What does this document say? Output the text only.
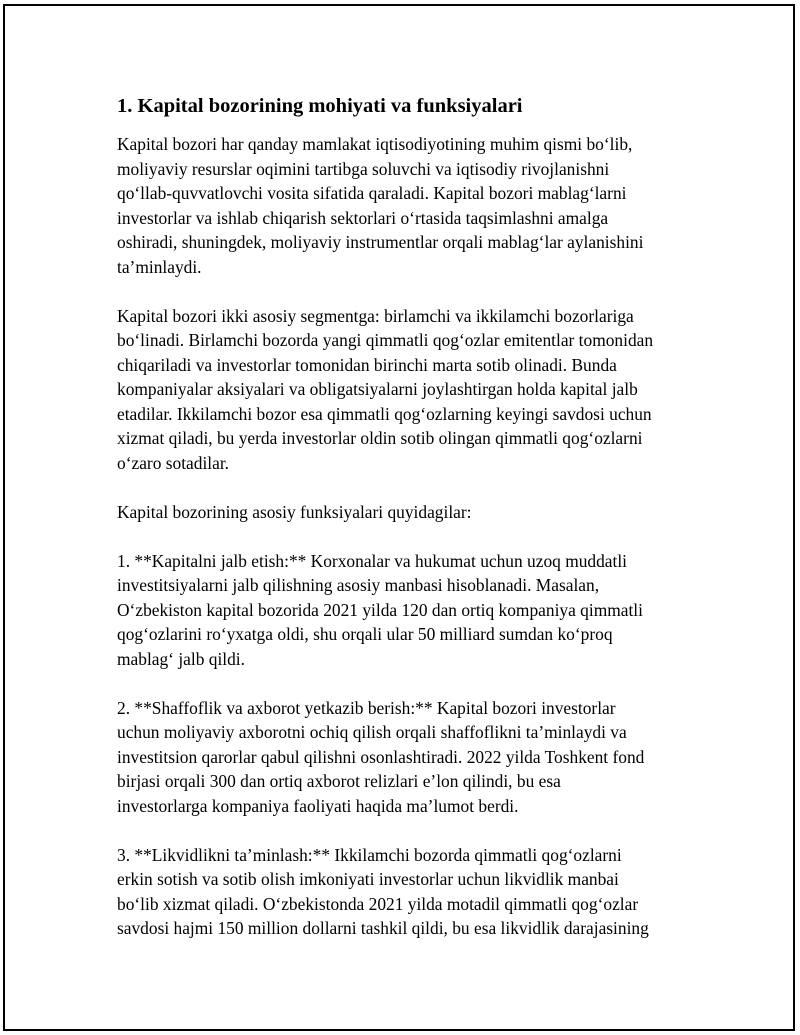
1. Kapital bozorining mohiyati va funksiyalari

Kapital bozori har qanday mamlakat iqtisodiyotining muhim qismi bo‘lib,
moliyaviy resurslar oqimini tartibga soluvchi va iqtisodiy rivojlanishni
qo‘llab-quvvatlovchi vosita sifatida qaraladi. Kapital bozori mablag‘larni
investorlar va ishlab chiqarish sektorlari o‘rtasida taqsimlashni amalga
oshiradi, shuningdek, moliyaviy instrumentlar orqali mablag‘lar aylanishini
ta’minlaydi.

Kapital bozori ikki asosiy segmentga: birlamchi va ikkilamchi bozorlariga
bo‘linadi. Birlamchi bozorda yangi qimmatli qog‘ozlar emitentlar tomonidan
chiqariladi va investorlar tomonidan birinchi marta sotib olinadi. Bunda
kompaniyalar aksiyalari va obligatsiyalarni joylashtirgan holda kapital jalb
etadilar. Ikkilamchi bozor esa qimmatli qog‘ozlarning keyingi savdosi uchun
xizmat qiladi, bu yerda investorlar oldin sotib olingan qimmatli qog‘ozlarni
o‘zaro sotadilar.

Kapital bozorining asosiy funksiyalari quyidagilar:

1. **Kapitalni jalb etish:** Korxonalar va hukumat uchun uzoq muddatli
investitsiyalarni jalb qilishning asosiy manbasi hisoblanadi. Masalan,
O‘zbekiston kapital bozorida 2021 yilda 120 dan ortiq kompaniya qimmatli
qog‘ozlarini ro‘yxatga oldi, shu orqali ular 50 milliard sumdan ko‘proq
mablag‘ jalb qildi.

2. **Shaffoflik va axborot yetkazib berish:** Kapital bozori investorlar
uchun moliyaviy axborotni ochiq qilish orqali shaffoflikni ta’minlaydi va
investitsion qarorlar qabul qilishni osonlashtiradi. 2022 yilda Toshkent fond
birjasi orqali 300 dan ortiq axborot relizlari e’lon qilindi, bu esa
investorlarga kompaniya faoliyati haqida ma’lumot berdi.

3. **Likvidlikni ta’minlash:** Ikkilamchi bozorda qimmatli qog‘ozlarni
erkin sotish va sotib olish imkoniyati investorlar uchun likvidlik manbai
bo‘lib xizmat qiladi. O‘zbekistonda 2021 yilda motadil qimmatli qog‘ozlar
savdosi hajmi 150 million dollarni tashkil qildi, bu esa likvidlik darajasining
